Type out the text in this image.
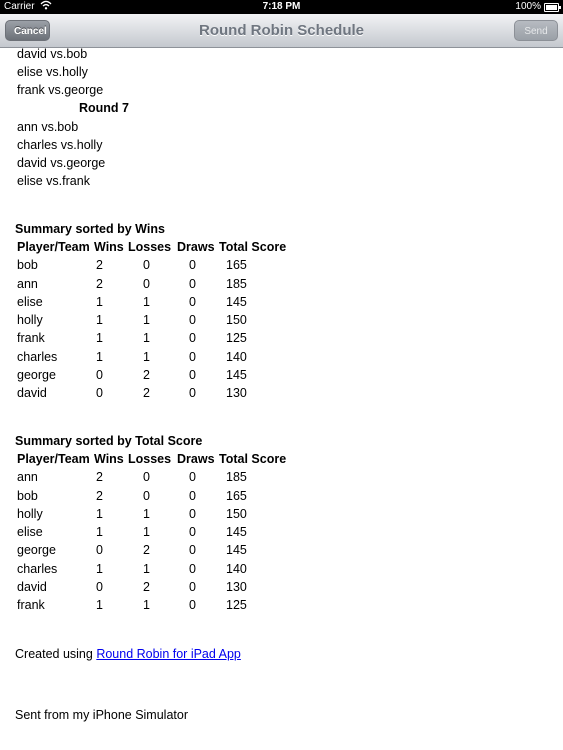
Carrier	7:18 PM	100%
Cancel	Round Robin Schedule	Send
david vs.bob
elise vs.holly
frank vs.george
Round 7
ann vs.bob
charles vs.holly
david vs.george
elise vs.frank
Summary sorted by Wins
Player/Team	Wins	Losses	Draws	Total Score
bob	2	0	0	165
ann	2	0	0	185
elise	1	1	0	145
holly	1	1	0	150
frank	1	1	0	125
charles	1	1	0	140
george	0	2	0	145
david	0	2	0	130
Summary sorted by Total Score
Player/Team	Wins	Losses	Draws	Total Score
ann	2	0	0	185
bob	2	0	0	165
holly	1	1	0	150
elise	1	1	0	145
george	0	2	0	145
charles	1	1	0	140
david	0	2	0	130
frank	1	1	0	125
Created using Round Robin for iPad App
Sent from my iPhone Simulator
